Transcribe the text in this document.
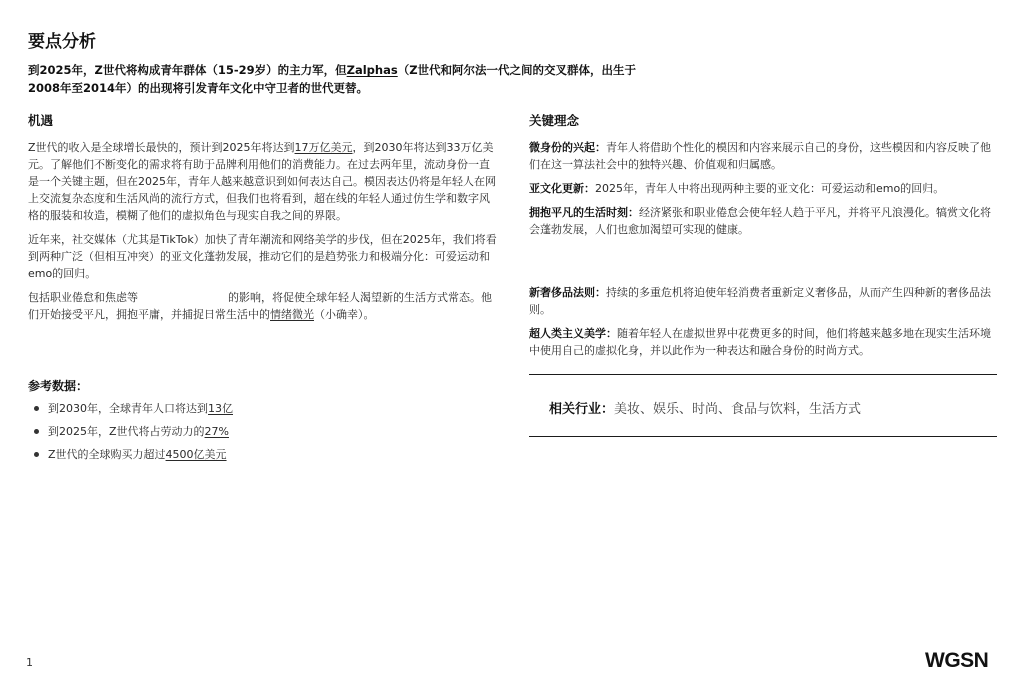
要点分析
到2025年，Z世代将构成青年群体（15-29岁）的主力军，但Zalphas（Z世代和阿尔法一代之间的交叉群体，出生于2008年至2014年）的出现将引发青年文化中守卫者的世代更替。
机遇

Z世代的收入是全球增长最快的，预计到2025年将达到17万亿美元，到2030年将达到33万亿美元。了解他们不断变化的需求将有助于品牌利用他们的消费能力。在过去两年里，流动身份一直是一个关键主题，但在2025年，青年人越来越意识到如何表达自己。模因表达仍将是年轻人在网上交流复杂态度和生活风尚的流行方式，但我们也将看到，超在线的年轻人通过仿生学和数字风格的服装和妆造，模糊了他们的虚拟角色与现实自我之间的界限。

近年来，社交媒体（尤其是TikTok）加快了青年潮流和网络美学的步伐，但在2025年，我们将看到两种广泛（但相互冲突）的亚文化蓬勃发展，推动它们的是趋势张力和极端分化：可爱运动和emo的回归。

包括职业倦怠和焦虑等	的影响，将促使全球年轻人渴望新的生活方式常态。他们开始接受平凡，拥抱平庸，并捕捉日常生活中的情绪微光（小确幸）。

参考数据：
到2030年，全球青年人口将达到13亿
到2025年，Z世代将占劳动力的27%
Z世代的全球购买力超过4500亿美元
关键理念

微身份的兴起：青年人将借助个性化的模因和内容来展示自己的身份，这些模因和内容反映了他们在这一算法社会中的独特兴趣、价值观和归属感。

亚文化更新：2025年，青年人中将出现两种主要的亚文化：可爱运动和emo的回归。

拥抱平凡的生活时刻：经济紧张和职业倦怠会使年轻人趋于平凡，并将平凡浪漫化。犒赏文化将会蓬勃发展，人们也愈加渴望可实现的健康。

新奢侈品法则：持续的多重危机将迫使年轻消费者重新定义奢侈品，从而产生四种新的奢侈品法则。

超人类主义美学：随着年轻人在虚拟世界中花费更多的时间，他们将越来越多地在现实生活环境中使用自己的虚拟化身，并以此作为一种表达和融合身份的时尚方式。

相关行业：美妆、娱乐、时尚、食品与饮料，生活方式
1	WGSN
